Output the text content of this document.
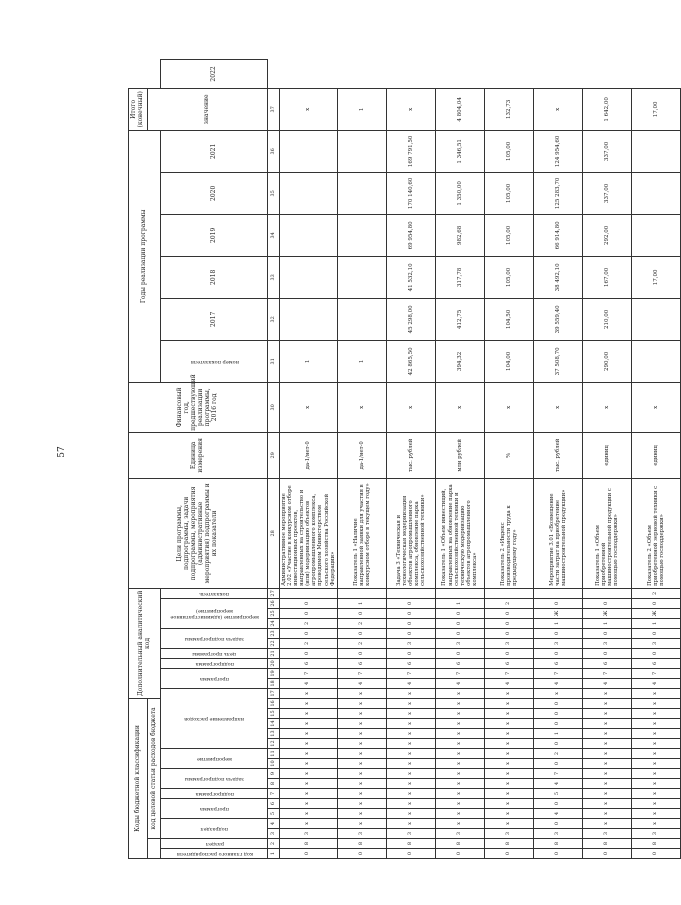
57
Коды бюджетной классификации																Дополнительный аналитический код											Цели программы, подпрограммы, задачи подпрограммы, мероприятия (административные мероприятия) подпрограммы и их показатели	Единица измерения	Финансовый год, предшествующий реализации программы, 2016 год	Годы реализации программы						Итого (конечный)	
		код целевой статьи расходов бюджета																																		значение	
код главного распорядителя	раздел	подраздел		программа		подпрограмма	задача подпрограммы		мероприятие		направление расходов						программа		подпрограмма	цель программы	задача подпрограммы		мероприятие (административное мероприятие)			показатель				номер показателя	2017	2018	2019	2020	2021		2022
1	2	3	4	5	6	7	8	9	10	11	12	13	14	15	16	17	18	19	20	21	22	23	24	25	26	27	28	29	30	31	32	33	34	35	36	37	
0	8	3	x	x	x	x	x	x	x	x	x	x	x	x	x	x	4	7	6	0	2	0	2	0	0		Административное мероприятие 2.02 «Участие в конкурсном отборе инвестиционных проектов, направленных на строительство и (или) модернизацию объектов агропромышленного комплекса, проводимом Министерством сельского хозяйства Российской Федерации»	да-1/нет-0	x	1						x	
0	8	3	x	x	x	x	x	x	x	x	x	x	x	x	x	x	4	7	6	0	2	0	2	0	1		Показатель 1 «Наличие направленной заявки для участия в конкурсном отборе в текущем году»	да-1/нет-0	x	1						1	
0	8	3	x	x	x	x	x	x	x	x	x	x	x	x	x	x	4	7	6	0	3	0	0	0	0		Задача 3 «Техническая и технологическая модернизация объектов агропромышленного комплекса, обновление парка сельскохозяйственной техники»	тыс. рублей	x	42 865,50	45 298,00	41 532,10	69 954,80	170 140,60	169 791,50	x	
0	8	3	x	x	x	x	x	x	x	x	x	x	x	x	x	x	4	7	6	0	3	0	0	0	1		Показатель 1 «Объем инвестиций, направленных на обновление парка сельскохозяйственной техники и техническую модернизацию объектов агропромышленного комплекса»	млн рублей	x	394,32	412,75	317,78	982,68	1 350,00	1 346,51	4 804,04	
0	8	3	x	x	x	x	x	x	x	x	x	x	x	x	x	x	4	7	6	0	3	0	0	0	2		Показатель 2 «Индекс производительности труда к предыдущему году»	%	x	104,00	104,50	105,00	105,00	105,00	105,00	132,73	
0	8	3	0	4	0	5	4	7	0	2	0	1	0	0	0	x	4	7	6	0	3	0	1	Ж	0		Мероприятие 3.01 «Возмещение части затрат на приобретение машиностроительной продукции»	тыс. рублей	x	37 508,70	39 559,40	38 492,10	66 914,80	125 283,70	124 954,60	x	
0	8	3	x	x	x	x	x	x	x	x	x	x	x	x	x	x	4	7	6	0	3	0	1	Ж	0		Показатель 1 «Объем приобретенной машиностроительной продукции с помощью господдержки»	единиц	x	290,00	210,00	167,00	292,00	337,00	337,00	1 642,00	
0	8	3	x	x	x	x	x	x	x	x	x	x	x	x	x	x	4	7	6	0	3	0	1	Ж	0	2	Показатель 2 «Объем приобретенной зерновой техники с помощью господдержки»	единиц	x			17,00				17,00	
